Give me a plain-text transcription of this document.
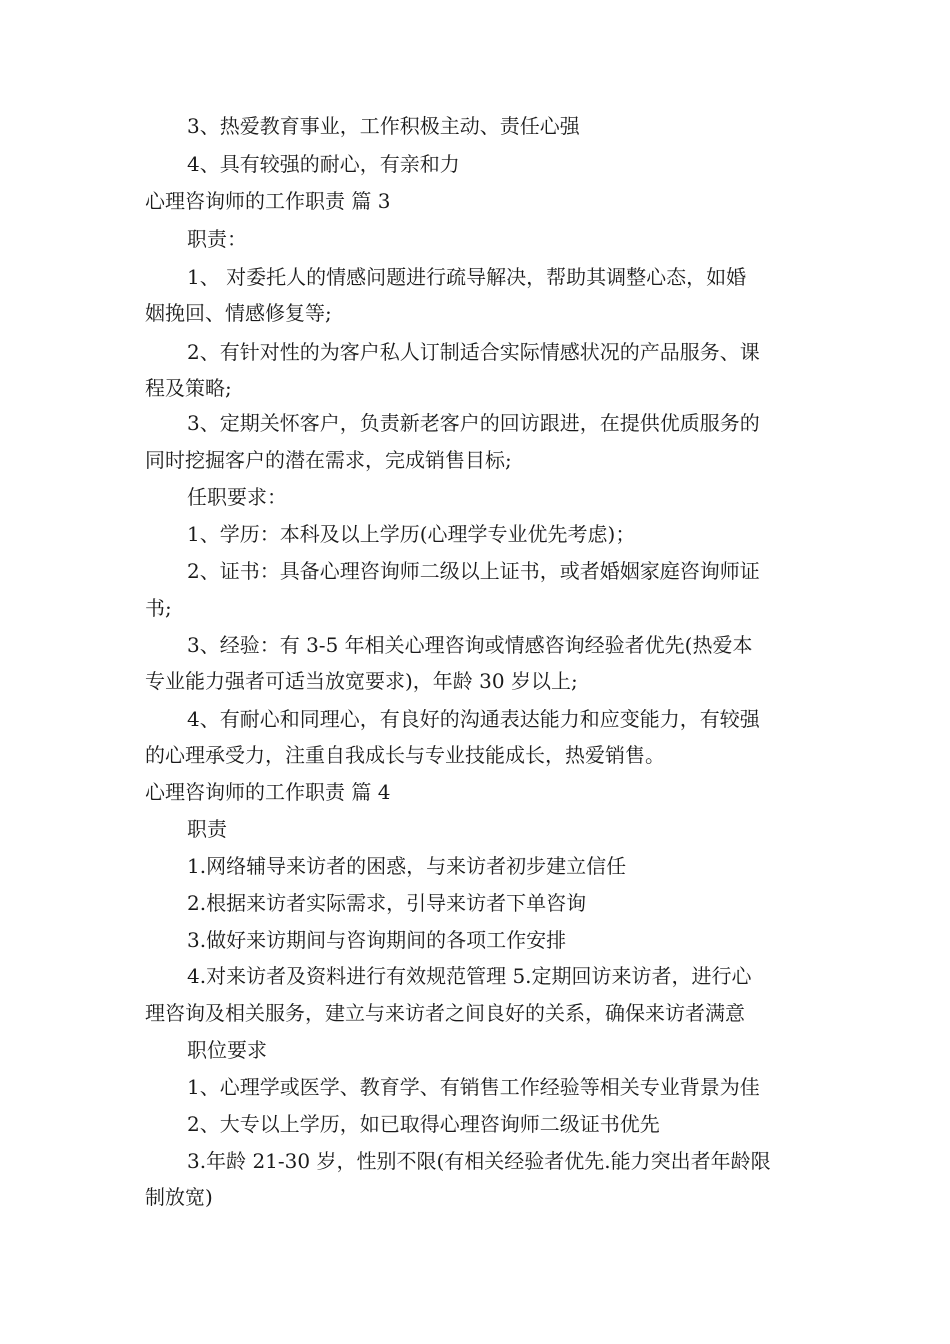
3、热爱教育事业，工作积极主动、责任心强
4、具有较强的耐心，有亲和力
心理咨询师的工作职责 篇 3
职责：
1、 对委托人的情感问题进行疏导解决，帮助其调整心态，如婚
姻挽回、情感修复等;
2、有针对性的为客户私人订制适合实际情感状况的产品服务、课
程及策略;
3、定期关怀客户，负责新老客户的回访跟进，在提供优质服务的
同时挖掘客户的潜在需求，完成销售目标;
任职要求：
1、学历：本科及以上学历(心理学专业优先考虑)；
2、证书：具备心理咨询师二级以上证书，或者婚姻家庭咨询师证
书;
3、经验：有 3-5 年相关心理咨询或情感咨询经验者优先(热爱本
专业能力强者可适当放宽要求)，年龄 30 岁以上;
4、有耐心和同理心，有良好的沟通表达能力和应变能力，有较强
的心理承受力，注重自我成长与专业技能成长，热爱销售。
心理咨询师的工作职责 篇 4
职责
1.网络辅导来访者的困惑，与来访者初步建立信任
2.根据来访者实际需求，引导来访者下单咨询
3.做好来访期间与咨询期间的各项工作安排
4.对来访者及资料进行有效规范管理 5.定期回访来访者，进行心
理咨询及相关服务，建立与来访者之间良好的关系，确保来访者满意
职位要求
1、心理学或医学、教育学、有销售工作经验等相关专业背景为佳
2、大专以上学历，如已取得心理咨询师二级证书优先
3.年龄 21-30 岁，性别不限(有相关经验者优先.能力突出者年龄限
制放宽)
